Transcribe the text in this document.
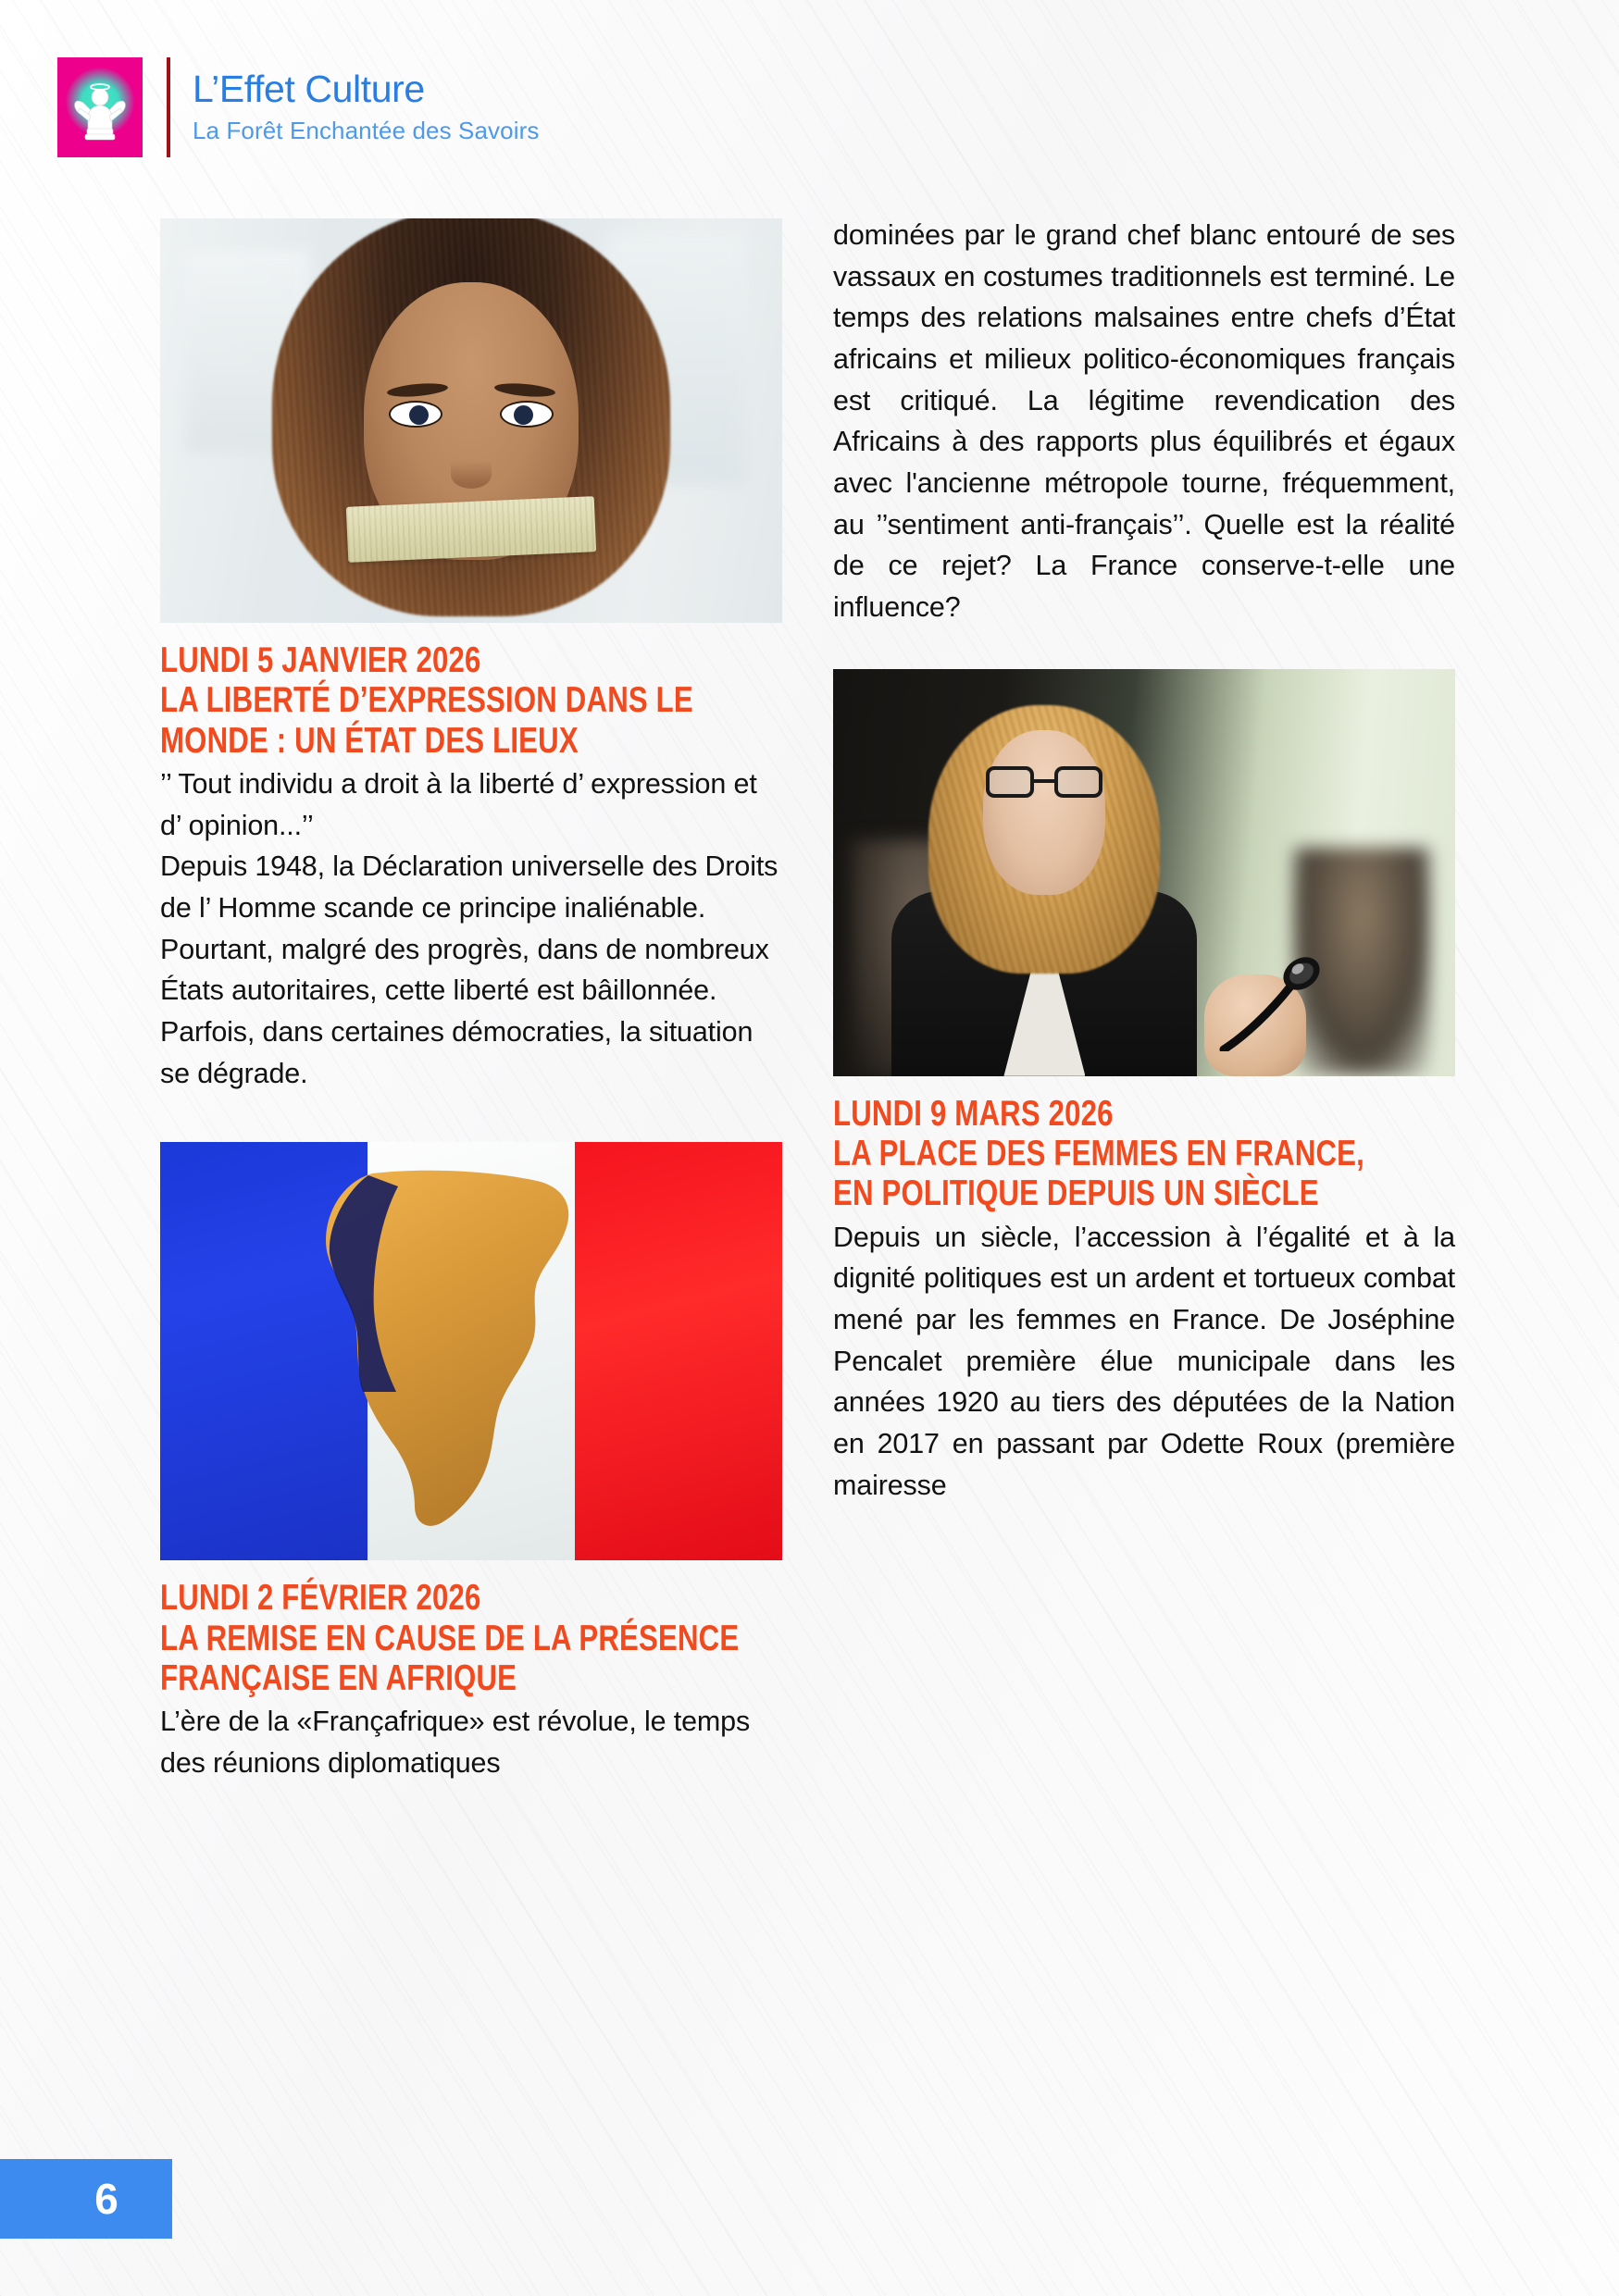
L’Effet Culture
La Forêt Enchantée des Savoirs
LUNDI 5 JANVIER 2026
LA LIBERTÉ D’EXPRESSION DANS LE
MONDE : UN ÉTAT DES LIEUX

’’ Tout individu a droit à la liberté d’ expression et d’ opinion...’’

Depuis 1948, la Déclaration universelle des Droits de l’ Homme scande ce principe inaliénable. Pourtant, malgré des progrès, dans de nombreux États autoritaires, cette liberté est bâillonnée. Parfois, dans certaines démocraties, la situation se dégrade.

LUNDI 2 FÉVRIER 2026
LA REMISE EN CAUSE DE LA PRÉSENCE
FRANÇAISE EN AFRIQUE

L’ère de la «Françafrique» est révolue, le temps des réunions diplomatiques

dominées par le grand chef blanc entouré de ses vassaux en costumes traditionnels est terminé. Le temps des relations malsaines entre chefs d’État africains et milieux politico-économiques français est critiqué. La légitime revendication des Africains à des rapports plus équilibrés et égaux avec l'ancienne métropole tourne, fréquemment, au ’’sentiment anti-français’’. Quelle est la réalité de ce rejet? La France conserve-t-elle une influence?

LUNDI 9 MARS 2026
LA PLACE DES FEMMES EN FRANCE,
EN POLITIQUE DEPUIS UN SIÈCLE

Depuis un siècle, l’accession à l’égalité et à la dignité politiques est un ardent et tortueux combat mené par les femmes en France. De Joséphine Pencalet première élue municipale dans les années 1920 au tiers des députées de la Nation en 2017 en passant par Odette Roux (première mairesse

6
